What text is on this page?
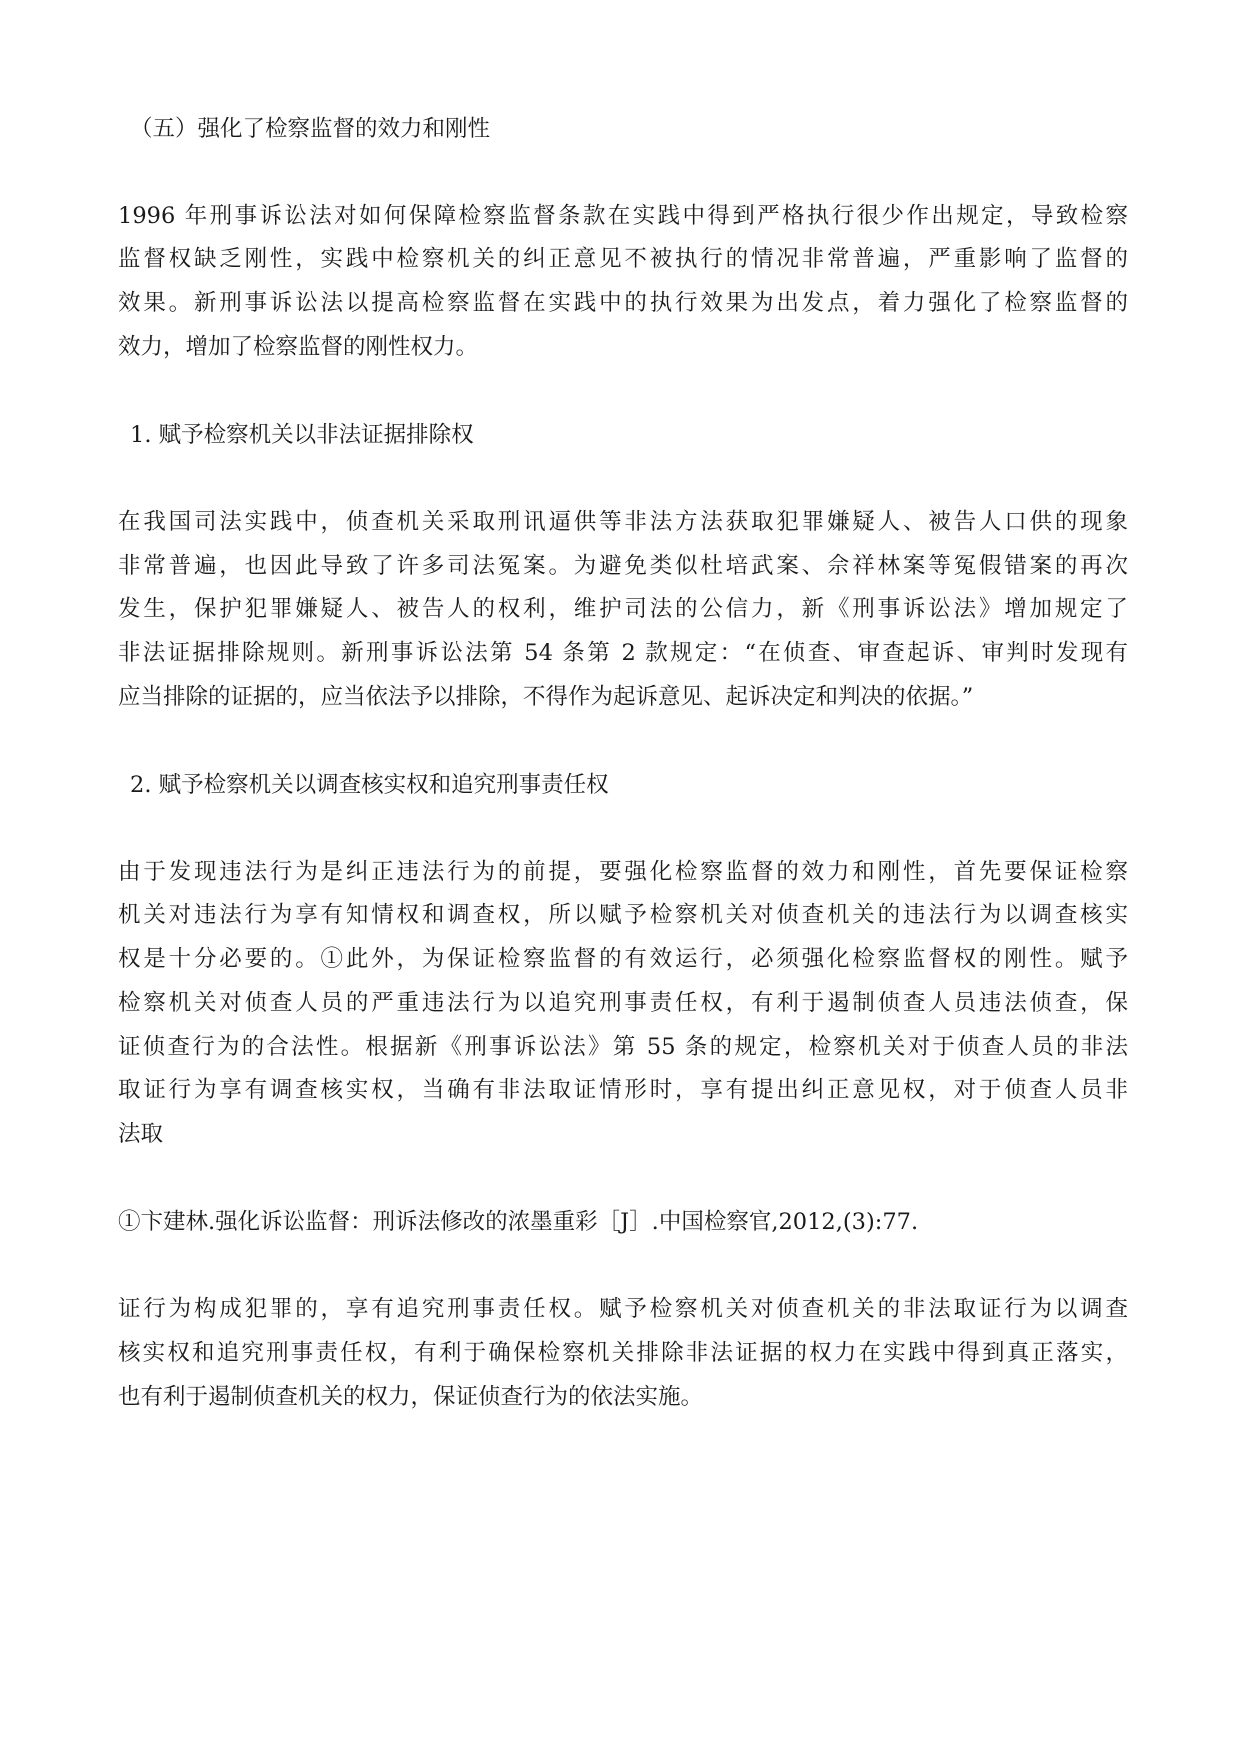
（五）强化了检察监督的效力和刚性

1996 年刑事诉讼法对如何保障检察监督条款在实践中得到严格执行很少作出规定，导致检察

监督权缺乏刚性，实践中检察机关的纠正意见不被执行的情况非常普遍，严重影响了监督的

效果。新刑事诉讼法以提高检察监督在实践中的执行效果为出发点，着力强化了检察监督的

效力，增加了检察监督的刚性权力。

1. 赋予检察机关以非法证据排除权

在我国司法实践中，侦查机关采取刑讯逼供等非法方法获取犯罪嫌疑人、被告人口供的现象

非常普遍，也因此导致了许多司法冤案。为避免类似杜培武案、佘祥林案等冤假错案的再次

发生，保护犯罪嫌疑人、被告人的权利，维护司法的公信力，新《刑事诉讼法》增加规定了

非法证据排除规则。新刑事诉讼法第 54 条第 2 款规定：“在侦查、审查起诉、审判时发现有

应当排除的证据的，应当依法予以排除，不得作为起诉意见、起诉决定和判决的依据。”

2. 赋予检察机关以调查核实权和追究刑事责任权

由于发现违法行为是纠正违法行为的前提，要强化检察监督的效力和刚性，首先要保证检察

机关对违法行为享有知情权和调查权，所以赋予检察机关对侦查机关的违法行为以调查核实

权是十分必要的。①此外，为保证检察监督的有效运行，必须强化检察监督权的刚性。赋予

检察机关对侦查人员的严重违法行为以追究刑事责任权，有利于遏制侦查人员违法侦查，保

证侦查行为的合法性。根据新《刑事诉讼法》第 55 条的规定，检察机关对于侦查人员的非法

取证行为享有调查核实权，当确有非法取证情形时，享有提出纠正意见权，对于侦查人员非

法取

①卞建林.强化诉讼监督：刑诉法修改的浓墨重彩［J］.中国检察官,2012,(3):77.

证行为构成犯罪的，享有追究刑事责任权。赋予检察机关对侦查机关的非法取证行为以调查

核实权和追究刑事责任权，有利于确保检察机关排除非法证据的权力在实践中得到真正落实，

也有利于遏制侦查机关的权力，保证侦查行为的依法实施。
